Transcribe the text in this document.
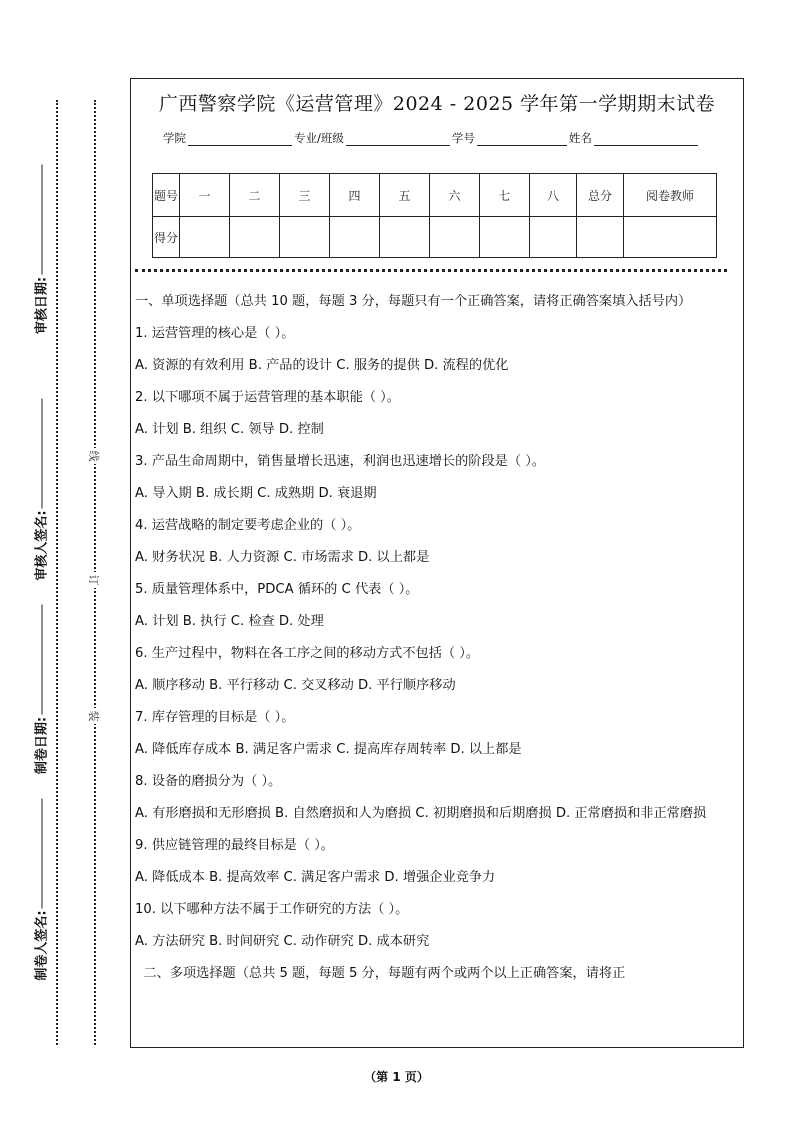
审核日期:
审核人签名:
制卷日期:
制卷人签名:
线
订
装
广西警察学院《运营管理》2024 - 2025 学年第一学期期末试卷
学院	专业/班级	学号	姓名
题号	一	二	三	四	五	六	七	八	总分	阅卷教师
得分										
一、单项选择题（总共 10 题，每题 3 分，每题只有一个正确答案，请将正确答案填入括号内）
1. 运营管理的核心是（ ）。
A. 资源的有效利用 B. 产品的设计 C. 服务的提供 D. 流程的优化
2. 以下哪项不属于运营管理的基本职能（ ）。
A. 计划 B. 组织 C. 领导 D. 控制
3. 产品生命周期中，销售量增长迅速，利润也迅速增长的阶段是（ ）。
A. 导入期 B. 成长期 C. 成熟期 D. 衰退期
4. 运营战略的制定要考虑企业的（ ）。
A. 财务状况 B. 人力资源 C. 市场需求 D. 以上都是
5. 质量管理体系中，PDCA 循环的 C 代表（ ）。
A. 计划 B. 执行 C. 检查 D. 处理
6. 生产过程中，物料在各工序之间的移动方式不包括（ ）。
A. 顺序移动 B. 平行移动 C. 交叉移动 D. 平行顺序移动
7. 库存管理的目标是（ ）。
A. 降低库存成本 B. 满足客户需求 C. 提高库存周转率 D. 以上都是
8. 设备的磨损分为（ ）。
A. 有形磨损和无形磨损 B. 自然磨损和人为磨损 C. 初期磨损和后期磨损 D. 正常磨损和非正常磨损
9. 供应链管理的最终目标是（ ）。
A. 降低成本 B. 提高效率 C. 满足客户需求 D. 增强企业竞争力
10. 以下哪种方法不属于工作研究的方法（ ）。
A. 方法研究 B. 时间研究 C. 动作研究 D. 成本研究
二、多项选择题（总共 5 题，每题 5 分，每题有两个或两个以上正确答案，请将正
（第 1 页）
